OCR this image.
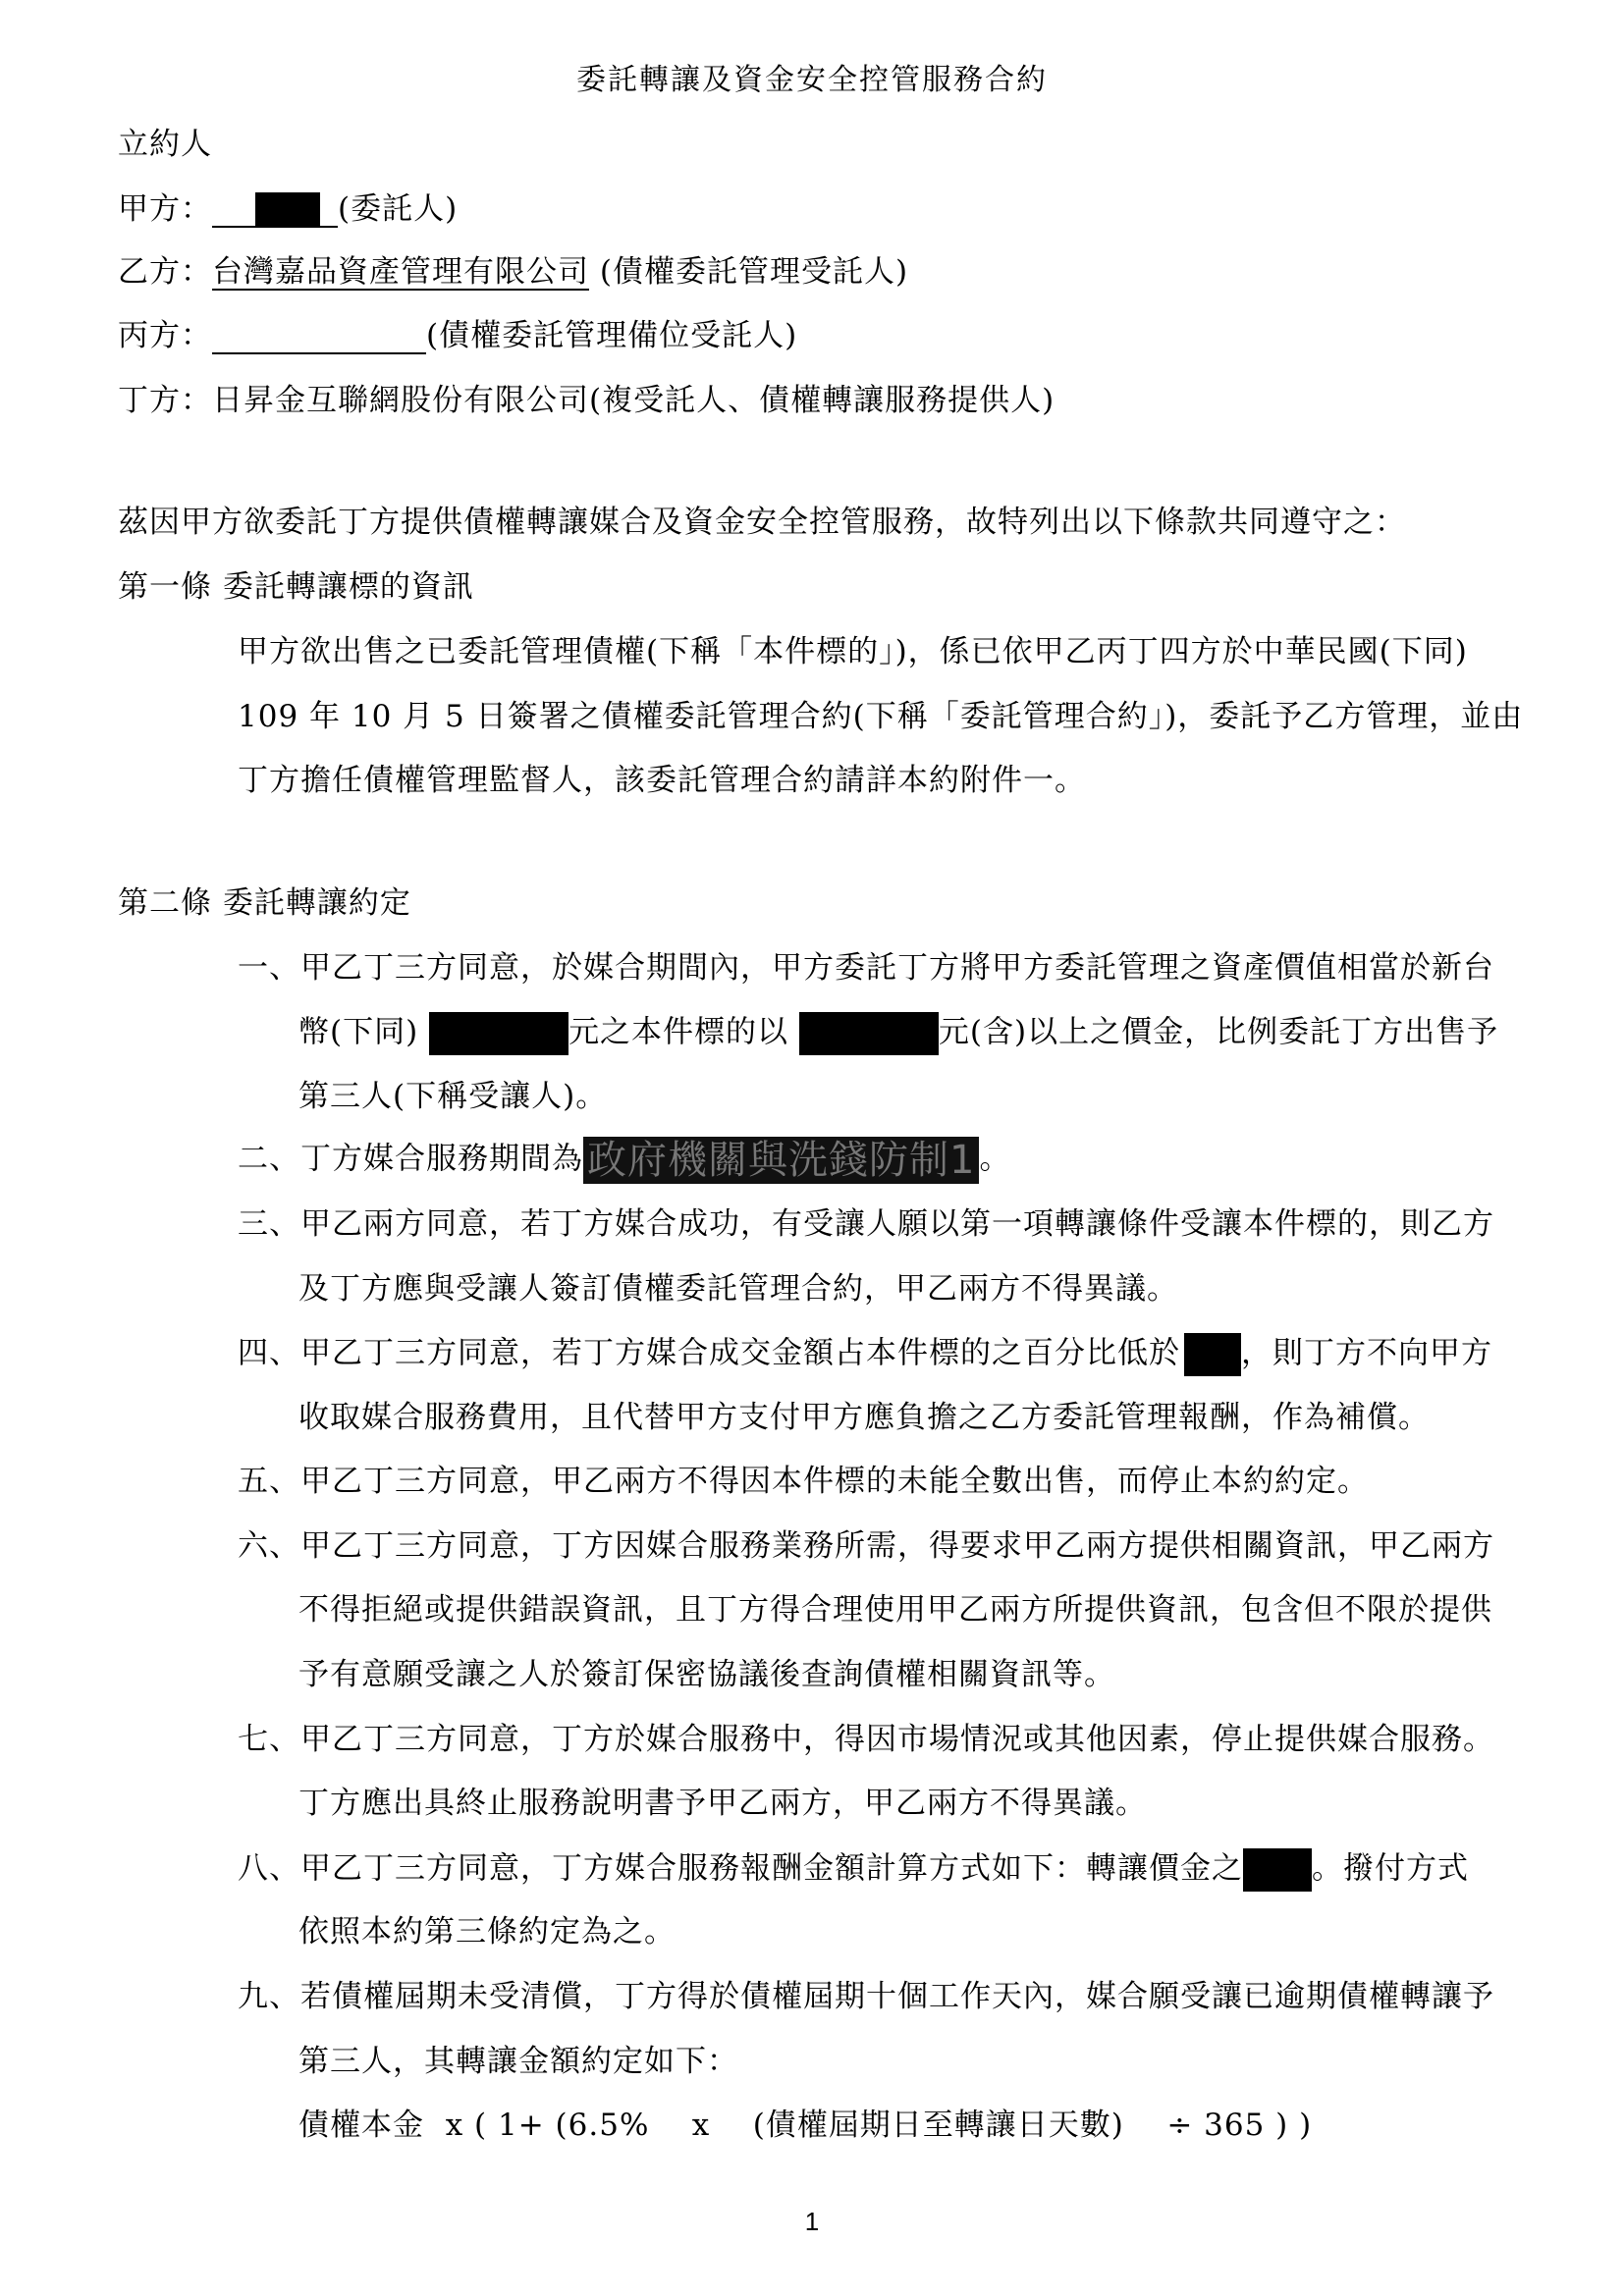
委託轉讓及資金安全控管服務合約
立約人
甲方：	(委託人)
乙方：台灣嘉品資產管理有限公司 (債權委託管理受託人)
丙方：	(債權委託管理備位受託人)
丁方：日昇金互聯網股份有限公司(複受託人、債權轉讓服務提供人)
茲因甲方欲委託丁方提供債權轉讓媒合及資金安全控管服務，故特列出以下條款共同遵守之：
第一條 委託轉讓標的資訊
甲方欲出售之已委託管理債權(下稱「本件標的」)，係已依甲乙丙丁四方於中華民國(下同)
109 年 10 月 5 日簽署之債權委託管理合約(下稱「委託管理合約」)，委託予乙方管理，並由
丁方擔任債權管理監督人，該委託管理合約請詳本約附件一。
第二條 委託轉讓約定
一、甲乙丁三方同意，於媒合期間內，甲方委託丁方將甲方委託管理之資產價值相當於新台
幣(下同)	元之本件標的以	元(含)以上之價金，比例委託丁方出售予
第三人(下稱受讓人)。
二、丁方媒合服務期間為 政府機關與洗錢防制1 。
三、甲乙兩方同意，若丁方媒合成功，有受讓人願以第一項轉讓條件受讓本件標的，則乙方
及丁方應與受讓人簽訂債權委託管理合約，甲乙兩方不得異議。
四、甲乙丁三方同意，若丁方媒合成交金額占本件標的之百分比低於 ，則丁方不向甲方
收取媒合服務費用，且代替甲方支付甲方應負擔之乙方委託管理報酬，作為補償。
五、甲乙丁三方同意，甲乙兩方不得因本件標的未能全數出售，而停止本約約定。
六、甲乙丁三方同意，丁方因媒合服務業務所需，得要求甲乙兩方提供相關資訊，甲乙兩方
不得拒絕或提供錯誤資訊，且丁方得合理使用甲乙兩方所提供資訊，包含但不限於提供
予有意願受讓之人於簽訂保密協議後查詢債權相關資訊等。
七、甲乙丁三方同意，丁方於媒合服務中，得因市場情況或其他因素，停止提供媒合服務。
丁方應出具終止服務說明書予甲乙兩方，甲乙兩方不得異議。
八、甲乙丁三方同意，丁方媒合服務報酬金額計算方式如下：轉讓價金之 。撥付方式
依照本約第三條約定為之。
九、若債權屆期未受清償，丁方得於債權屆期十個工作天內，媒合願受讓已逾期債權轉讓予
第三人，其轉讓金額約定如下：
債權本金  x ( 1+ (6.5%    x    (債權屆期日至轉讓日天數)    ÷ 365 ) )
1
